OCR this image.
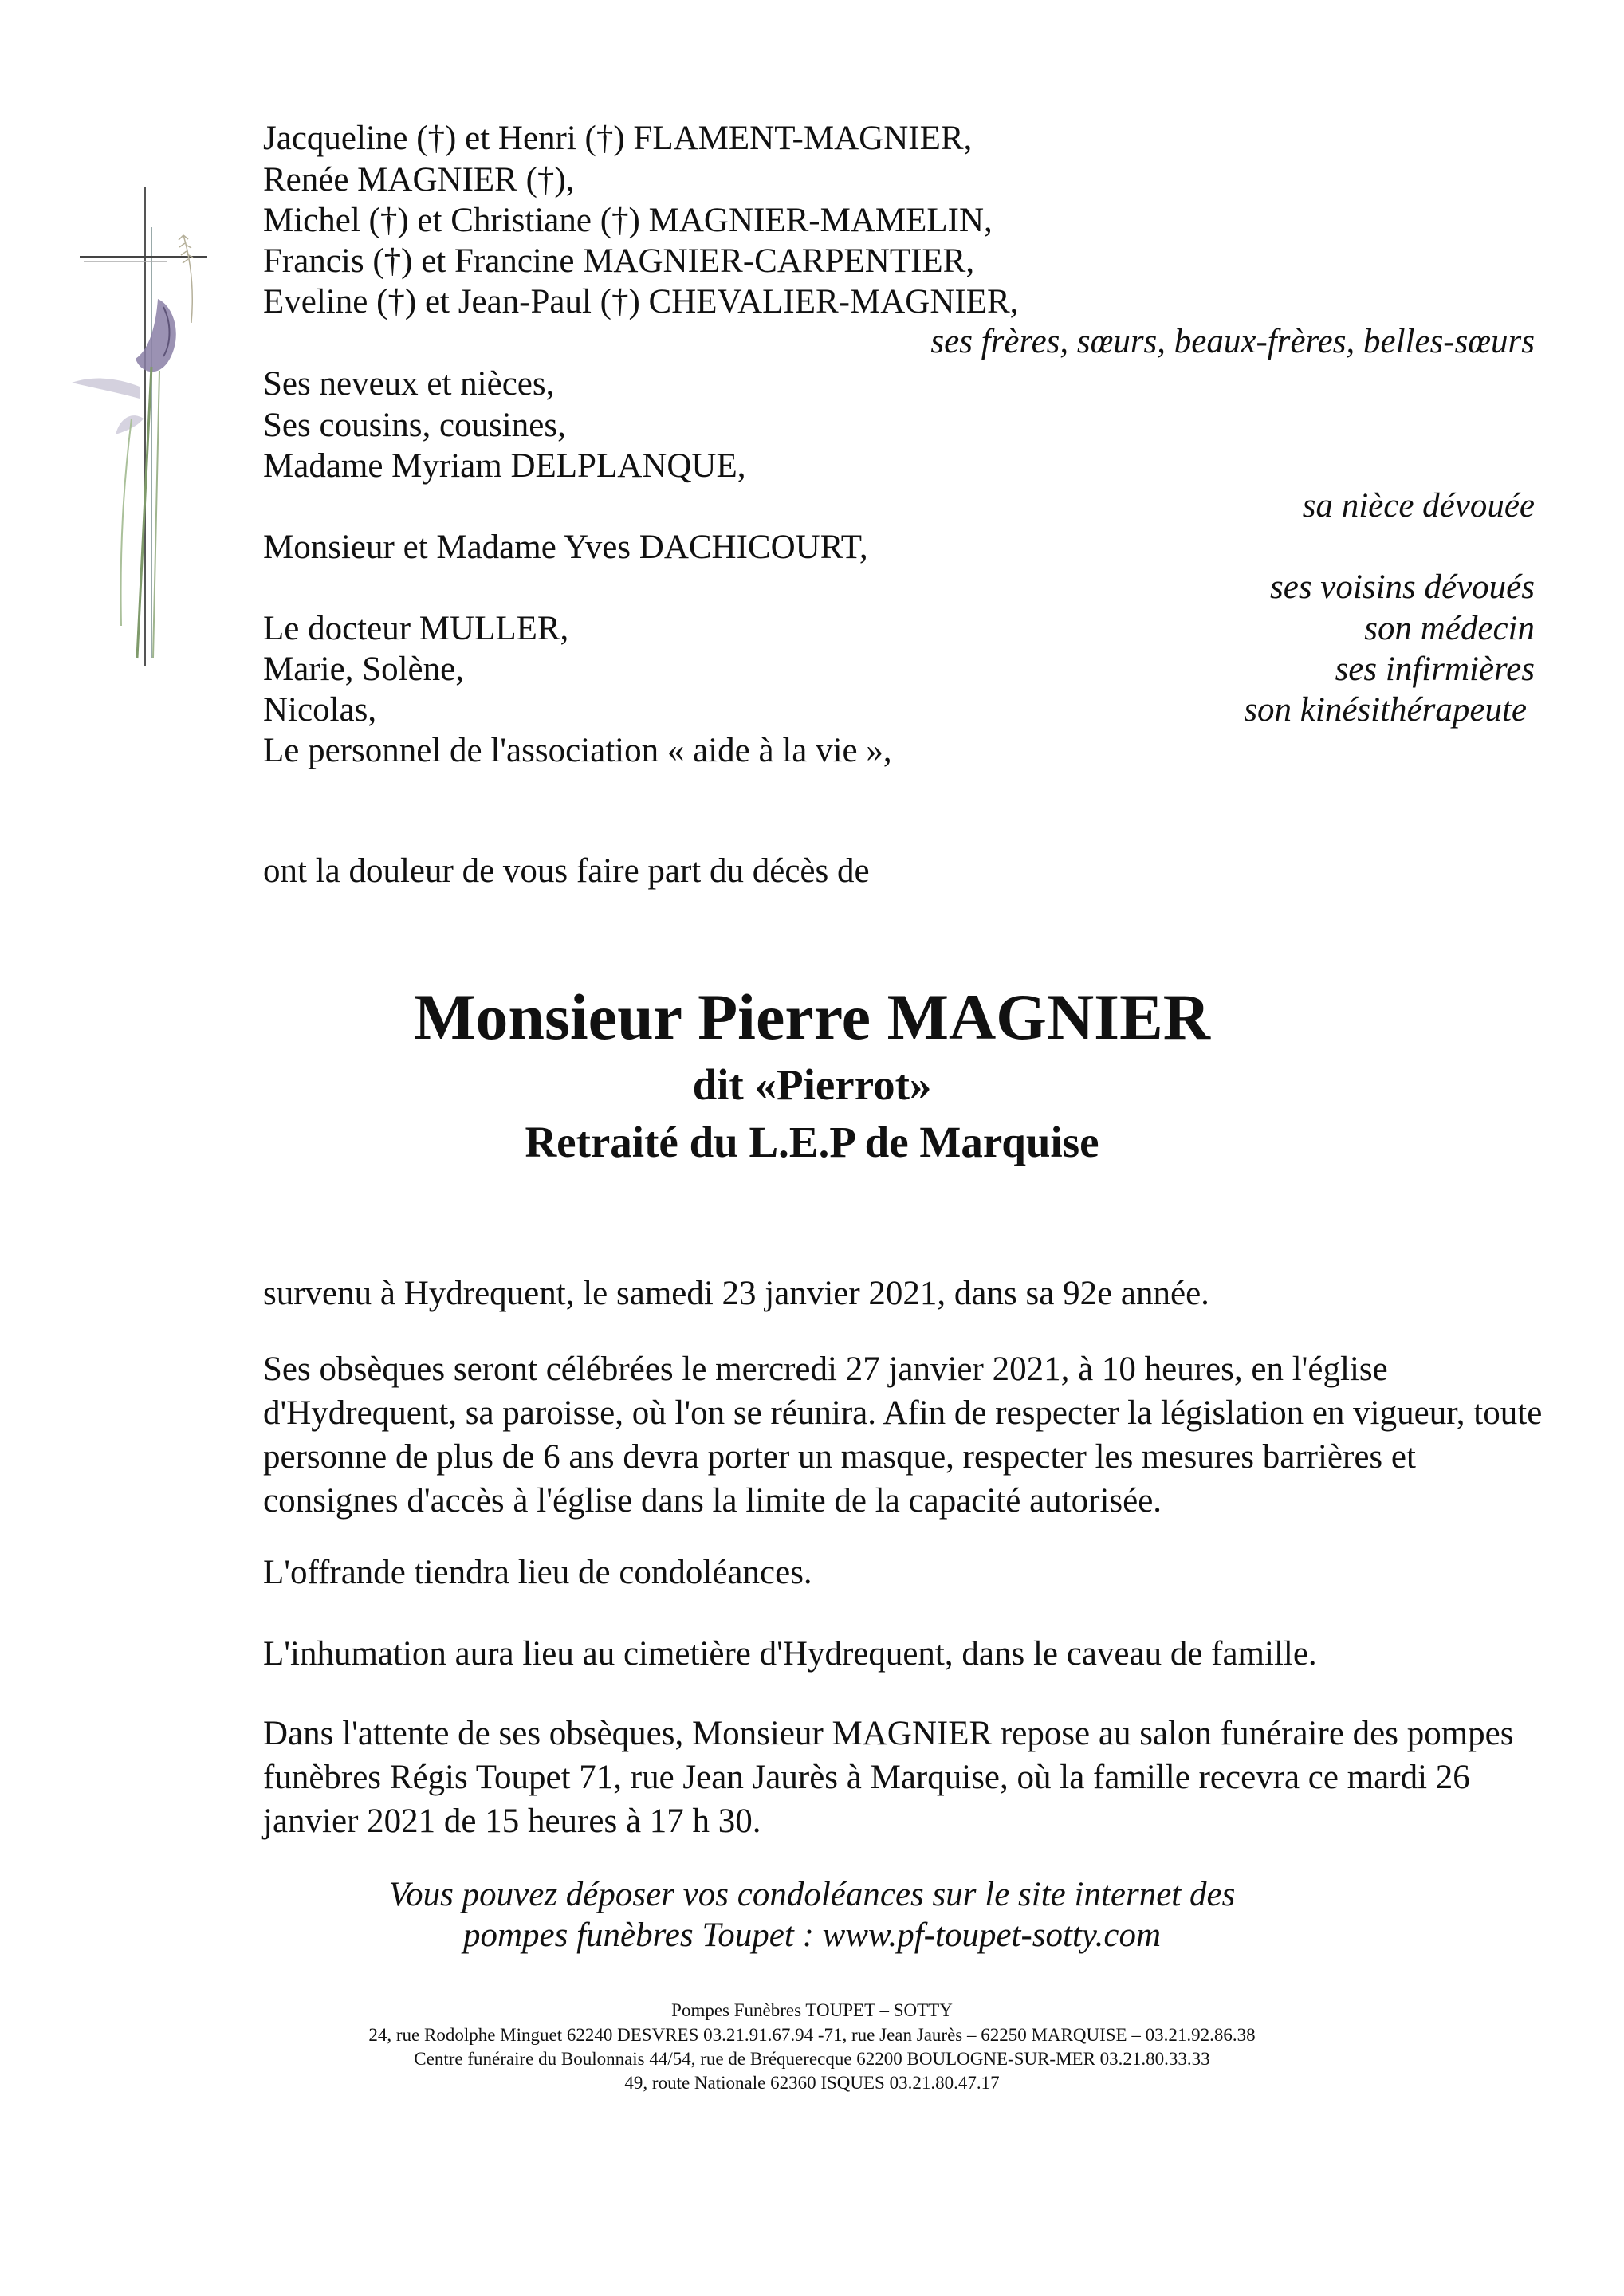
Jacqueline (†) et Henri (†) FLAMENT-MAGNIER,
Renée MAGNIER (†),
Michel (†) et Christiane (†) MAGNIER-MAMELIN,
Francis (†) et Francine MAGNIER-CARPENTIER,
Eveline (†) et Jean-Paul (†) CHEVALIER-MAGNIER,
ses frères, sœurs, beaux-frères, belles-sœurs
Ses neveux et nièces,
Ses cousins, cousines,
Madame Myriam DELPLANQUE,
sa nièce dévouée
Monsieur et Madame Yves DACHICOURT,
ses voisins dévoués
Le docteur MULLER,	son médecin
Marie, Solène,	ses infirmières
Nicolas,	son kinésithérapeute
Le personnel de l'association « aide à la vie »,
ont la douleur de vous faire part du décès de
Monsieur Pierre MAGNIER
dit «Pierrot»
Retraité du L.E.P de Marquise
survenu à Hydrequent, le samedi 23 janvier 2021, dans sa 92e année.
Ses obsèques seront célébrées le mercredi 27 janvier 2021, à 10 heures, en l'église d'Hydrequent, sa paroisse, où l'on se réunira. Afin de respecter la législation en vigueur, toute personne de plus de 6 ans devra porter un masque, respecter les mesures barrières et consignes d'accès à l'église dans la limite de la capacité autorisée.
L'offrande tiendra lieu de condoléances.
L'inhumation aura lieu au cimetière d'Hydrequent, dans le caveau de famille.
Dans l'attente de ses obsèques, Monsieur MAGNIER repose au salon funéraire des pompes funèbres Régis Toupet 71, rue Jean Jaurès à Marquise, où la famille recevra ce mardi 26 janvier 2021 de 15 heures à 17 h 30.
Vous pouvez déposer vos condoléances sur le site internet des
pompes funèbres Toupet : www.pf-toupet-sotty.com
Pompes Funèbres TOUPET – SOTTY
24, rue Rodolphe Minguet 62240 DESVRES 03.21.91.67.94 -71, rue Jean Jaurès – 62250 MARQUISE – 03.21.92.86.38
Centre funéraire du Boulonnais 44/54, rue de Bréquerecque 62200 BOULOGNE-SUR-MER 03.21.80.33.33
49, route Nationale 62360 ISQUES 03.21.80.47.17
